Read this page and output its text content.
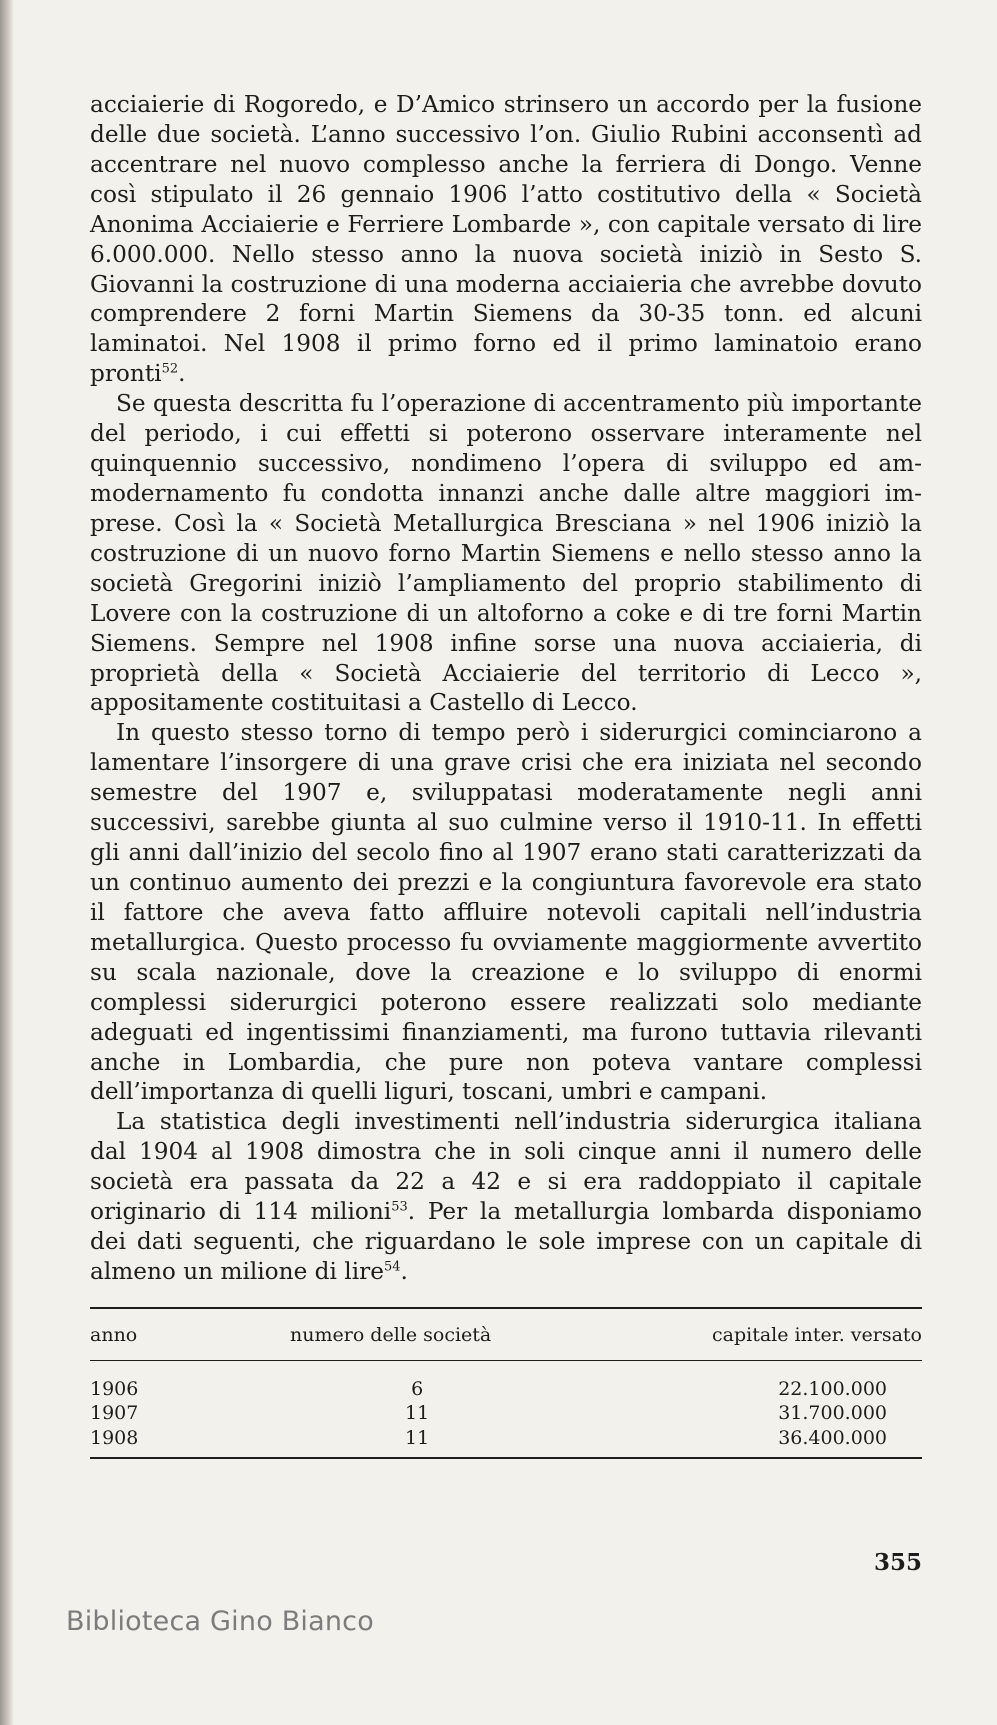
acciaierie di Rogoredo, e D’Amico strinsero un accordo per la fusione delle due società. L’anno successivo l’on. Giulio Rubini acconsentì ad accentrare nel nuovo complesso anche la ferriera di Dongo. Venne così stipulato il 26 gennaio 1906 l’atto costitutivo della « Società Anonima Acciaierie e Ferriere Lombarde », con capitale versato di lire 6.000.000. Nello stesso anno la nuova società iniziò in Sesto S. Giovanni la costruzione di una moderna acciaieria che avrebbe dovuto comprendere 2 forni Martin Siemens da 30-35 tonn. ed alcuni laminatoi. Nel 1908 il primo forno ed il primo laminatoio erano pronti$^{52}$.

Se questa descritta fu l’operazione di accentramento più importante del periodo, i cui effetti si poterono osservare interamente nel quinquennio successivo, nondimeno l’opera di sviluppo ed ammodernamento fu condotta innanzi anche dalle altre maggiori imprese. Così la « Società Metallurgica Bresciana » nel 1906 iniziò la costruzione di un nuovo forno Martin Siemens e nello stesso anno la società Gregorini iniziò l’ampliamento del proprio stabilimento di Lovere con la costruzione di un altoforno a coke e di tre forni Martin Siemens. Sempre nel 1908 infine sorse una nuova acciaieria, di proprietà della « Società Acciaierie del territorio di Lecco », appositamente costituitasi a Castello di Lecco.

In questo stesso torno di tempo però i siderurgici cominciarono a lamentare l’insorgere di una grave crisi che era iniziata nel secondo semestre del 1907 e, sviluppatasi moderatamente negli anni successivi, sarebbe giunta al suo culmine verso il 1910-11. In effetti gli anni dall’inizio del secolo fino al 1907 erano stati caratterizzati da un continuo aumento dei prezzi e la congiuntura favorevole era stato il fattore che aveva fatto affluire notevoli capitali nell’industria metallurgica. Questo processo fu ovviamente maggiormente avvertito su scala nazionale, dove la creazione e lo sviluppo di enormi complessi siderurgici poterono essere realizzati solo mediante adeguati ed ingentissimi finanziamenti, ma furono tuttavia rilevanti anche in Lombardia, che pure non poteva vantare complessi dell’importanza di quelli liguri, toscani, umbri e campani.

La statistica degli investimenti nell’industria siderurgica italiana dal 1904 al 1908 dimostra che in soli cinque anni il numero delle società era passata da 22 a 42 e si era raddoppiato il capitale originario di 114 milioni$^{53}$. Per la metallurgia lombarda disponiamo dei dati seguenti, che riguardano le sole imprese con un capitale di almeno un milione di lire$^{54}$.

anno	numero delle società	capitale inter. versato
1906	6	22.100.000
1907	11	31.700.000
1908	11	36.400.000
355
Biblioteca Gino Bianco
